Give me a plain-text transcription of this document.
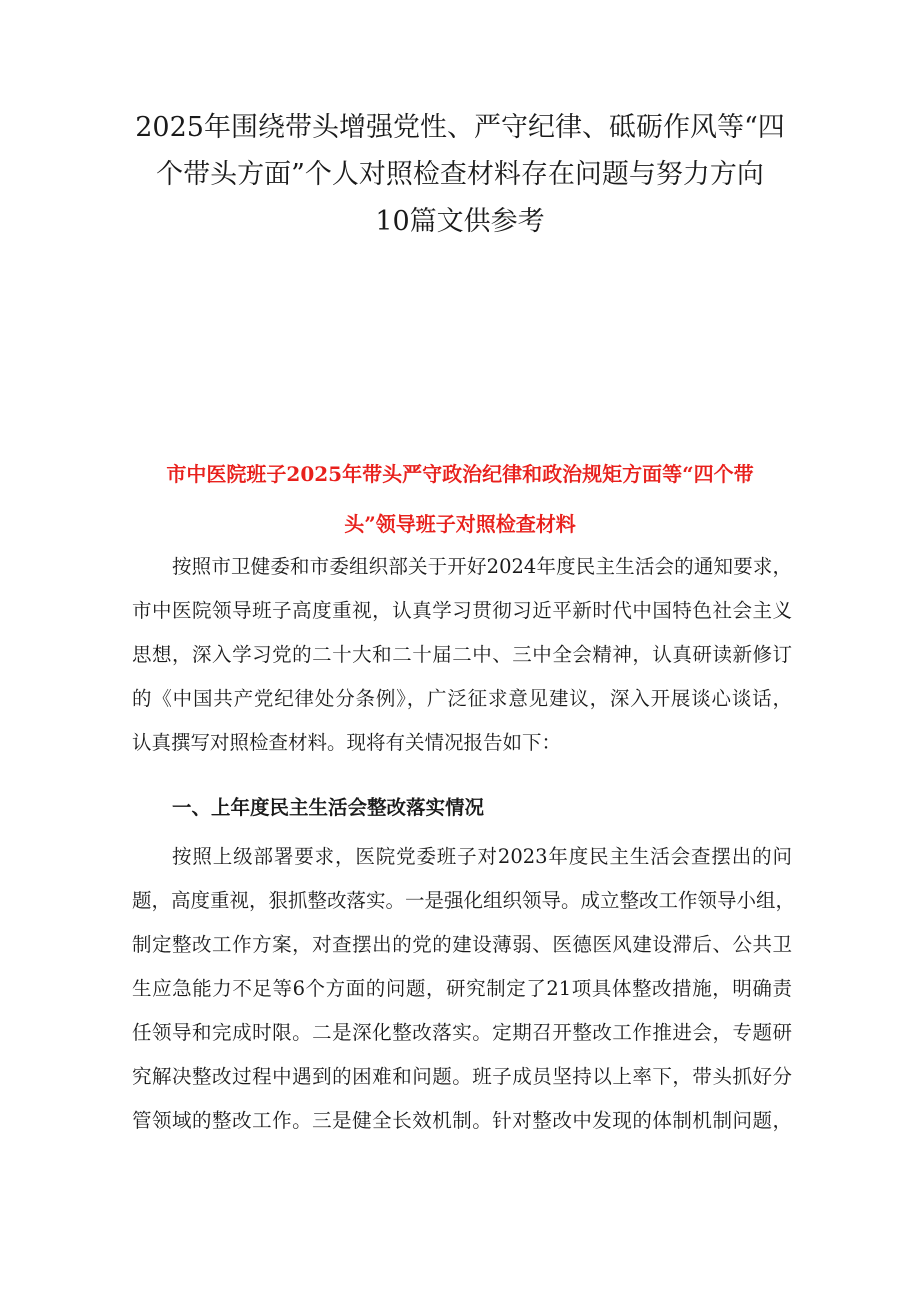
2025年围绕带头增强党性、严守纪律、砥砺作风等“四
个带头方面”个人对照检查材料存在问题与努力方向
10篇文供参考
市中医院班子2025年带头严守政治纪律和政治规矩方面等“四个带
头”领导班子对照检查材料

按照市卫健委和市委组织部关于开好2024年度民主生活会的通知要求，
市中医院领导班子高度重视，认真学习贯彻习近平新时代中国特色社会主义
思想，深入学习党的二十大和二十届二中、三中全会精神，认真研读新修订
的《中国共产党纪律处分条例》，广泛征求意见建议，深入开展谈心谈话，
认真撰写对照检查材料。现将有关情况报告如下：

一、上年度民主生活会整改落实情况

按照上级部署要求，医院党委班子对2023年度民主生活会查摆出的问
题，高度重视，狠抓整改落实。一是强化组织领导。成立整改工作领导小组，
制定整改工作方案，对查摆出的党的建设薄弱、医德医风建设滞后、公共卫
生应急能力不足等6个方面的问题，研究制定了21项具体整改措施，明确责
任领导和完成时限。二是深化整改落实。定期召开整改工作推进会，专题研
究解决整改过程中遇到的困难和问题。班子成员坚持以上率下，带头抓好分
管领域的整改工作。三是健全长效机制。针对整改中发现的体制机制问题，
